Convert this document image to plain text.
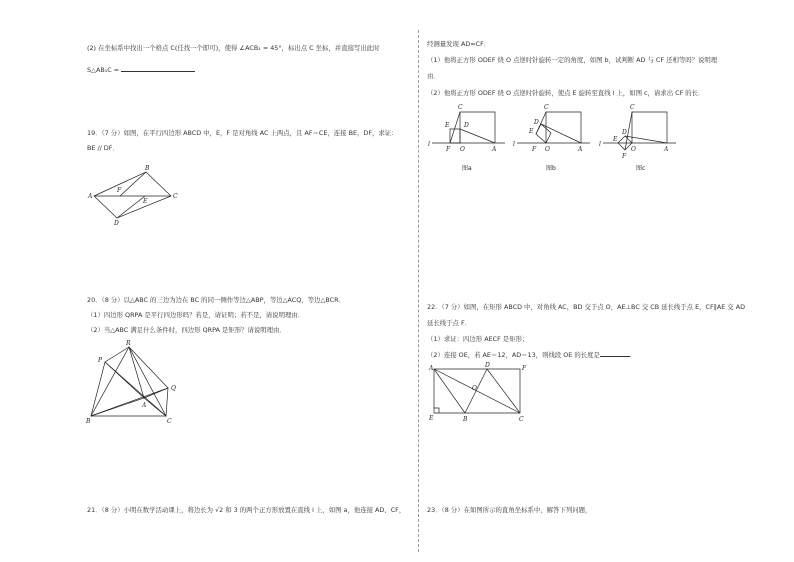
(2) 在坐标系中找出一个格点 C(任找一个即可)，使得 ∠ACB₁ = 45°，标出点 C 坐标，并直接写出此时
S△AB₁C =
19．（7 分）如图，在平行四边形 ABCD 中，E，F 是对角线 AC 上两点，且 AF＝CE，连接 BE，DF，求证：
BE // DF．
A
B
C
D
E
F
20．（8 分）以△ABC 的三边为边在 BC 的同一侧作等边△ABP，等边△ACQ，等边△BCR．
（1）四边形 QRPA 是平行四边形吗？若是，请证明；若不是，请说明理由．
（2）当△ABC 满足什么条件时，四边形 QRPA 是矩形？请说明理由．
A
B	C
P
Q
R
21．（8 分）小明在数学活动课上，将边长为 √2 和 3 的两个正方形放置在直线 l 上，如图 a，他连接 AD、CF，
经测量发现 AD=CF．
（1）他将正方形 ODEF 绕 O 点逆时针旋转一定的角度，如图 b，试判断 AD 与 CF 还相等吗？说明理
由．
（2）他将正方形 ODEF 绕 O 点逆时针旋转，使点 E 旋转至直线 l 上，如图 c，请求出 CF 的长．
l
C
E D
F O	A
图a
l
C
D
E
F O	A
图b
l
C
D
E
F
O	A
图c
22．（7 分）如图，在矩形 ABCD 中，对角线 AC，BD 交于点 O，AE⊥BC 交 CB 延长线于点 E，CF∥AE 交 AD
延长线于点 F．
（1）求证：四边形 AECF 是矩形；
（2）连接 OE，若 AE＝12，AD＝13，则线段 OE 的长度是	．
A	D	F
O
E	B	C
23．（8 分）在如图所示的直角坐标系中，解答下列问题，
